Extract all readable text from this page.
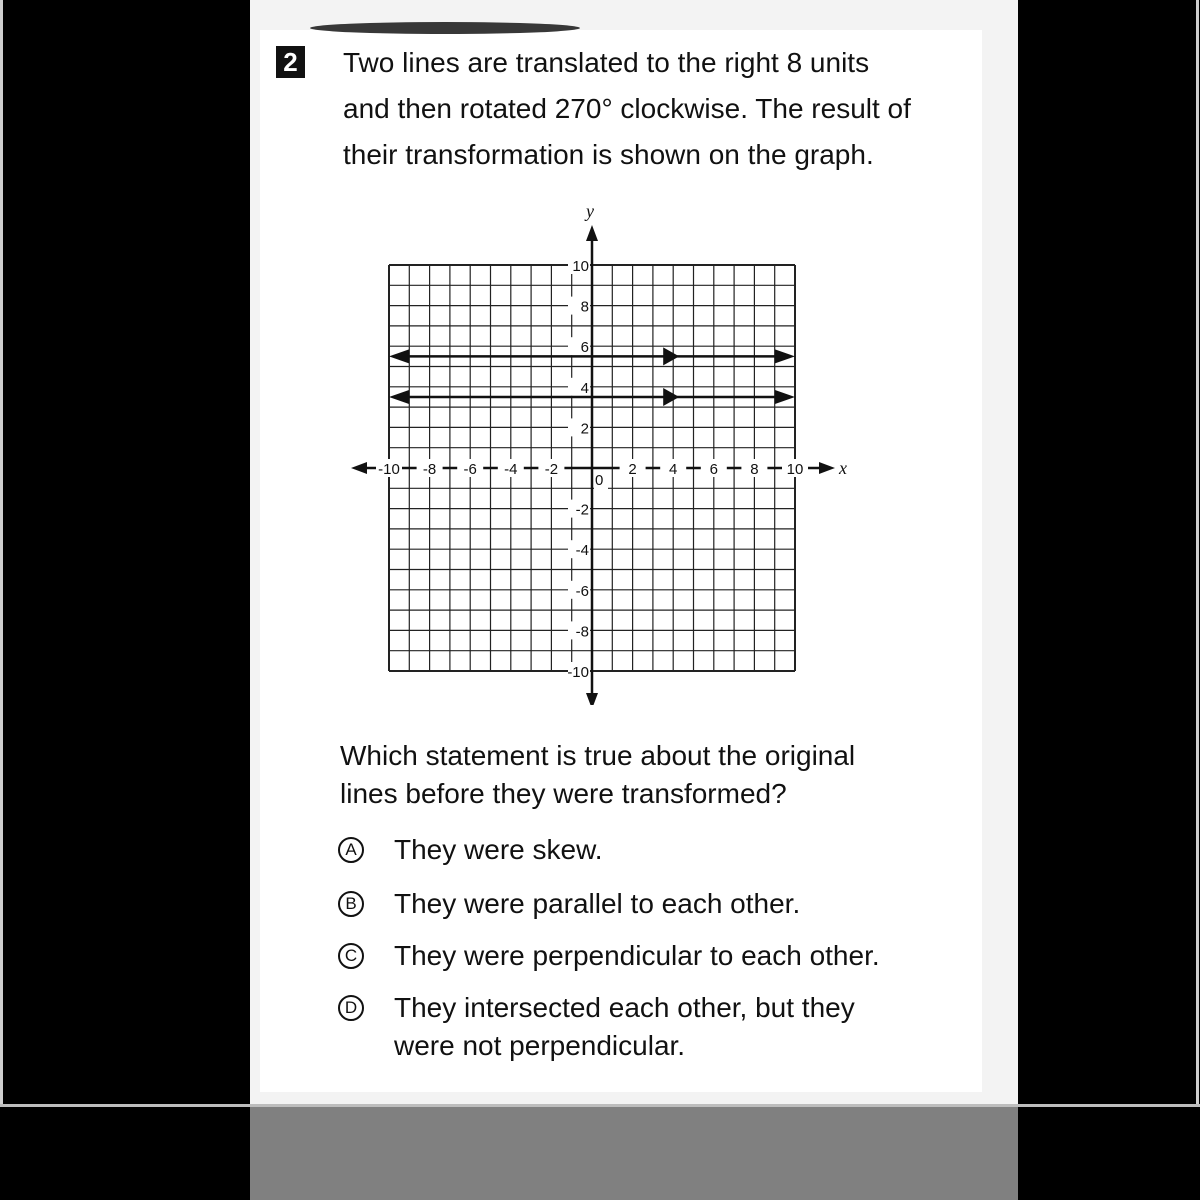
2 Two lines are translated to the right 8 units
and then rotated 270° clockwise. The result of
their transformation is shown on the graph.
x
y
-10 -8 -6 -4 -2	2 4 6 8 10
10
8
6
4
2
-2
-4
-6
-8
-10
0
Which statement is true about the original
lines before they were transformed?
A They were skew.
B They were parallel to each other.
C They were perpendicular to each other.
D They intersected each other, but they
were not perpendicular.
